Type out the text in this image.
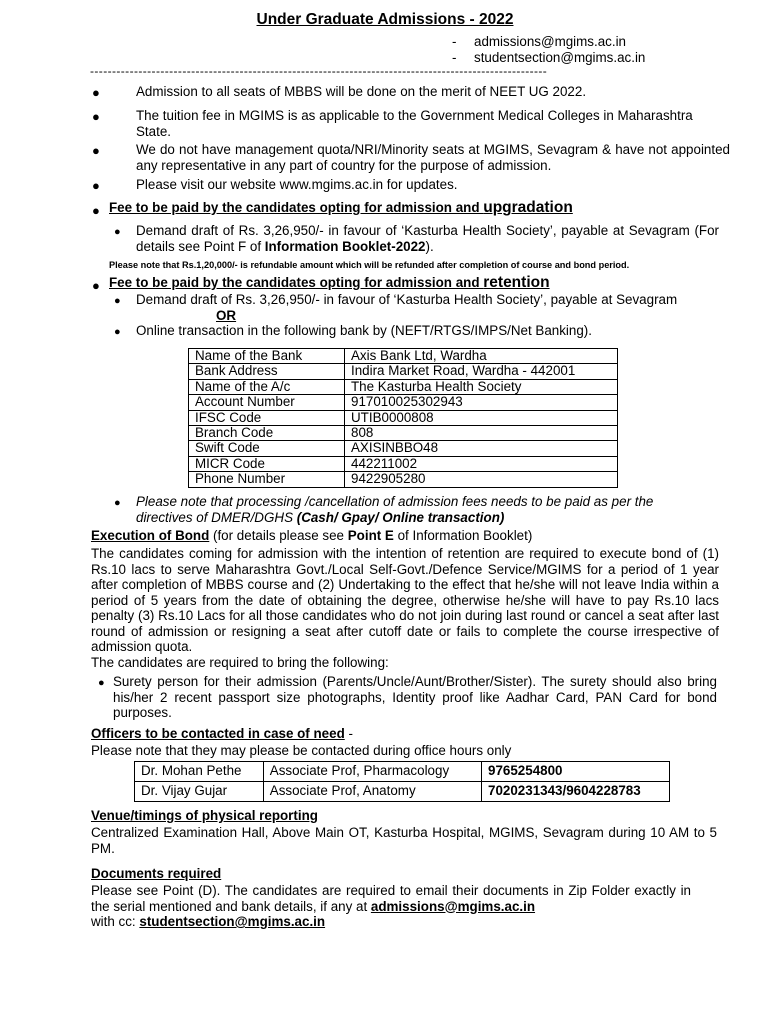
Under Graduate Admissions - 2022
- admissions@mgims.ac.in
- studentsection@mgims.ac.in
--------------------------------------------------------------------------------------------------------
●	Admission to all seats of MBBS will be done on the merit of NEET UG 2022.
●	The tuition fee in MGIMS is as applicable to the Government Medical Colleges in Maharashtra State.
●	We do not have management quota/NRI/Minority seats at MGIMS, Sevagram & have not appointed any representative in any part of country for the purpose of admission.
●	Please visit our website www.mgims.ac.in for updates.
● Fee to be paid by the candidates opting for admission and upgradation
● Demand draft of Rs. 3,26,950/- in favour of ‘Kasturba Health Society’, payable at Sevagram (For details see Point F of Information Booklet-2022).
Please note that Rs.1,20,000/- is refundable amount which will be refunded after completion of course and bond period.
● Fee to be paid by the candidates opting for admission and retention
● Demand draft of Rs. 3,26,950/- in favour of ‘Kasturba Health Society’, payable at Sevagram
OR
● Online transaction in the following bank by (NEFT/RTGS/IMPS/Net Banking).
Name of the Bank	Axis Bank Ltd, Wardha
Bank Address	Indira Market Road, Wardha - 442001
Name of the A/c	The Kasturba Health Society
Account Number	917010025302943
IFSC Code	UTIB0000808
Branch Code	808
Swift Code	AXISINBBO48
MICR Code	442211002
Phone Number	9422905280
● Please note that processing /cancellation of admission fees needs to be paid as per the directives of DMER/DGHS (Cash/ Gpay/ Online transaction)
Execution of Bond (for details please see Point E of Information Booklet)
The candidates coming for admission with the intention of retention are required to execute bond of (1) Rs.10 lacs to serve Maharashtra Govt./Local Self-Govt./Defence Service/MGIMS for a period of 1 year after completion of MBBS course and (2) Undertaking to the effect that he/she will not leave India within a period of 5 years from the date of obtaining the degree, otherwise he/she will have to pay Rs.10 lacs penalty (3) Rs.10 Lacs for all those candidates who do not join during last round or cancel a seat after last round of admission or resigning a seat after cutoff date or fails to complete the course irrespective of admission quota.
The candidates are required to bring the following:
● Surety person for their admission (Parents/Uncle/Aunt/Brother/Sister). The surety should also bring his/her 2 recent passport size photographs, Identity proof like Aadhar Card, PAN Card for bond purposes.
Officers to be contacted in case of need -
Please note that they may please be contacted during office hours only
Dr. Mohan Pethe	Associate Prof, Pharmacology	9765254800
Dr. Vijay Gujar	Associate Prof, Anatomy	7020231343/9604228783
Venue/timings of physical reporting
Centralized Examination Hall, Above Main OT, Kasturba Hospital, MGIMS, Sevagram during 10 AM to 5 PM.
Documents required
Please see Point (D). The candidates are required to email their documents in Zip Folder exactly in the serial mentioned and bank details, if any at admissions@mgims.ac.in
with cc: studentsection@mgims.ac.in
